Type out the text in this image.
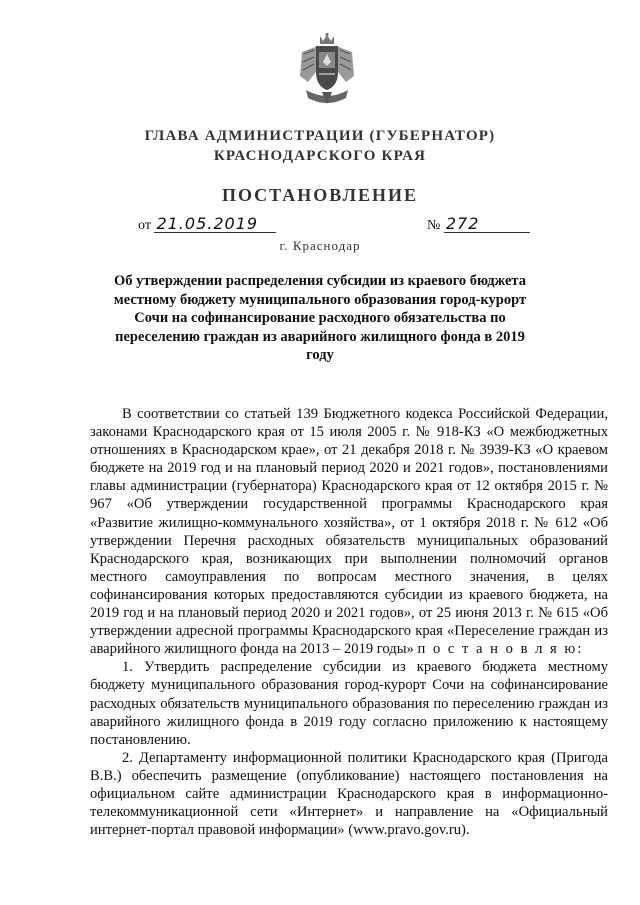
ГЛАВА АДМИНИСТРАЦИИ (ГУБЕРНАТОР)
КРАСНОДАРСКОГО КРАЯ
ПОСТАНОВЛЕНИЕ
от 21.05.2019	№ 272
г. Краснодар
Об утверждении распределения субсидии из краевого бюджета местному бюджету муниципального образования город-курорт Сочи на софинансирование расходного обязательства по переселению граждан из аварийного жилищного фонда в 2019 году

В соответствии со статьей 139 Бюджетного кодекса Российской Федерации, законами Краснодарского края от 15 июля 2005 г. № 918-КЗ «О межбюджетных отношениях в Краснодарском крае», от 21 декабря 2018 г. № 3939-КЗ «О краевом бюджете на 2019 год и на плановый период 2020 и 2021 годов», постановлениями главы администрации (губернатора) Краснодарского края от 12 октября 2015 г. № 967 «Об утверждении государственной программы Краснодарского края «Развитие жилищно-коммунального хозяйства», от 1 октября 2018 г. № 612 «Об утверждении Перечня расходных обязательств муниципальных образований Краснодарского края, возникающих при выполнении полномочий органов местного самоуправления по вопросам местного значения, в целях софинансирования которых предоставляются субсидии из краевого бюджета, на 2019 год и на плановый период 2020 и 2021 годов», от 25 июня 2013 г. № 615 «Об утверждении адресной программы Краснодарского края «Переселение граждан из аварийного жилищного фонда на 2013 – 2019 годы» п о с т а н о в л я ю:

1. Утвердить распределение субсидии из краевого бюджета местному бюджету муниципального образования город-курорт Сочи на софинансирование расходных обязательств муниципального образования по переселению граждан из аварийного жилищного фонда в 2019 году согласно приложению к настоящему постановлению.

2. Департаменту информационной политики Краснодарского края (Пригода В.В.) обеспечить размещение (опубликование) настоящего постановления на официальном сайте администрации Краснодарского края в информационно-телекоммуникационной сети «Интернет» и направление на «Официальный интернет-портал правовой информации» (www.pravo.gov.ru).
